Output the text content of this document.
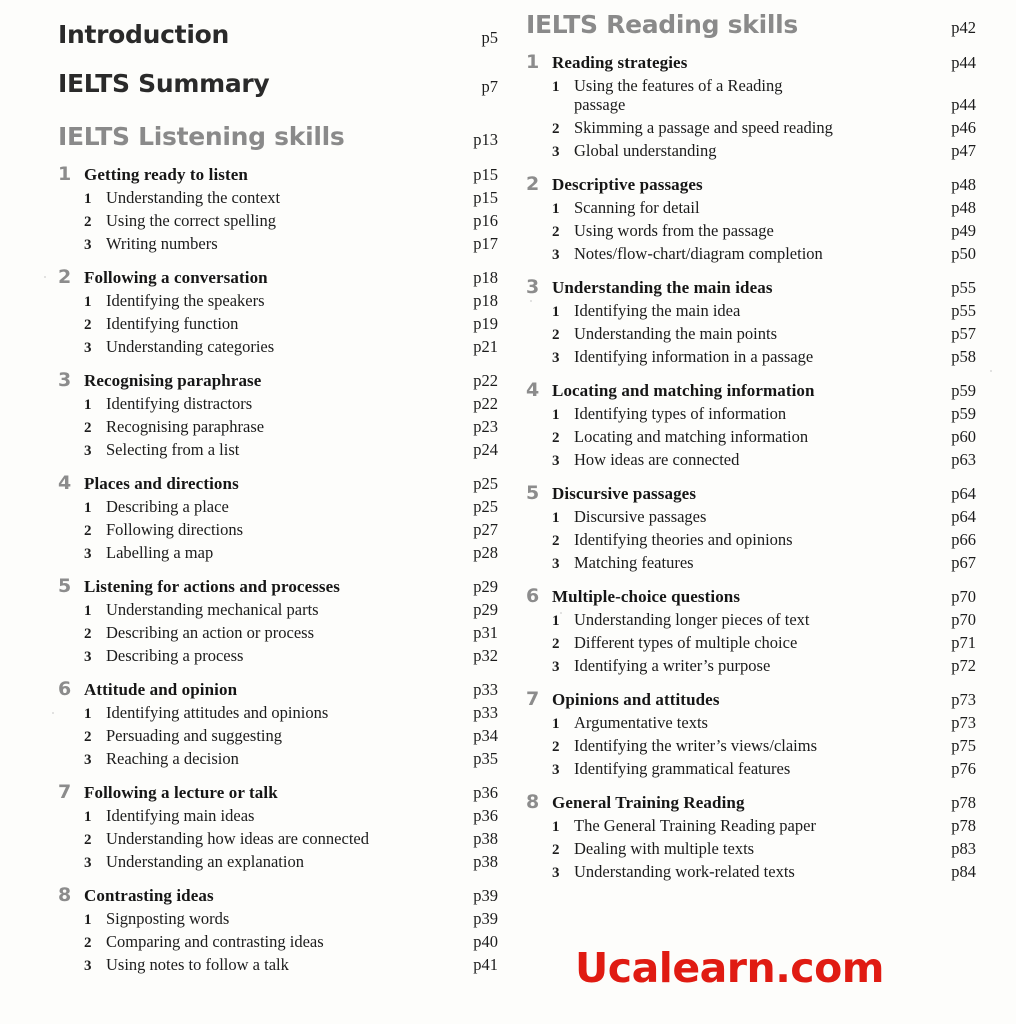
Introduction	p5
IELTS Summary	p7
IELTS Listening skills	p13
1 Getting ready to listen	p15
1 Understanding the context	p15
2 Using the correct spelling	p16
3 Writing numbers	p17
2 Following a conversation	p18
1 Identifying the speakers	p18
2 Identifying function	p19
3 Understanding categories	p21
3 Recognising paraphrase	p22
1 Identifying distractors	p22
2 Recognising paraphrase	p23
3 Selecting from a list	p24
4 Places and directions	p25
1 Describing a place	p25
2 Following directions	p27
3 Labelling a map	p28
5 Listening for actions and processes	p29
1 Understanding mechanical parts	p29
2 Describing an action or process	p31
3 Describing a process	p32
6 Attitude and opinion	p33
1 Identifying attitudes and opinions	p33
2 Persuading and suggesting	p34
3 Reaching a decision	p35
7 Following a lecture or talk	p36
1 Identifying main ideas	p36
2 Understanding how ideas are connected	p38
3 Understanding an explanation	p38
8 Contrasting ideas	p39
1 Signposting words	p39
2 Comparing and contrasting ideas	p40
3 Using notes to follow a talk	p41
IELTS Reading skills	p42
1 Reading strategies	p44
1 Using the features of a Reading
passage	p44
2 Skimming a passage and speed reading	p46
3 Global understanding	p47
2 Descriptive passages	p48
1 Scanning for detail	p48
2 Using words from the passage	p49
3 Notes/flow-chart/diagram completion	p50
3 Understanding the main ideas	p55
1 Identifying the main idea	p55
2 Understanding the main points	p57
3 Identifying information in a passage	p58
4 Locating and matching information	p59
1 Identifying types of information	p59
2 Locating and matching information	p60
3 How ideas are connected	p63
5 Discursive passages	p64
1 Discursive passages	p64
2 Identifying theories and opinions	p66
3 Matching features	p67
6 Multiple-choice questions	p70
1 Understanding longer pieces of text	p70
2 Different types of multiple choice	p71
3 Identifying a writer’s purpose	p72
7 Opinions and attitudes	p73
1 Argumentative texts	p73
2 Identifying the writer’s views/claims	p75
3 Identifying grammatical features	p76
8 General Training Reading	p78
1 The General Training Reading paper	p78
2 Dealing with multiple texts	p83
3 Understanding work-related texts	p84
Ucalearn.com
